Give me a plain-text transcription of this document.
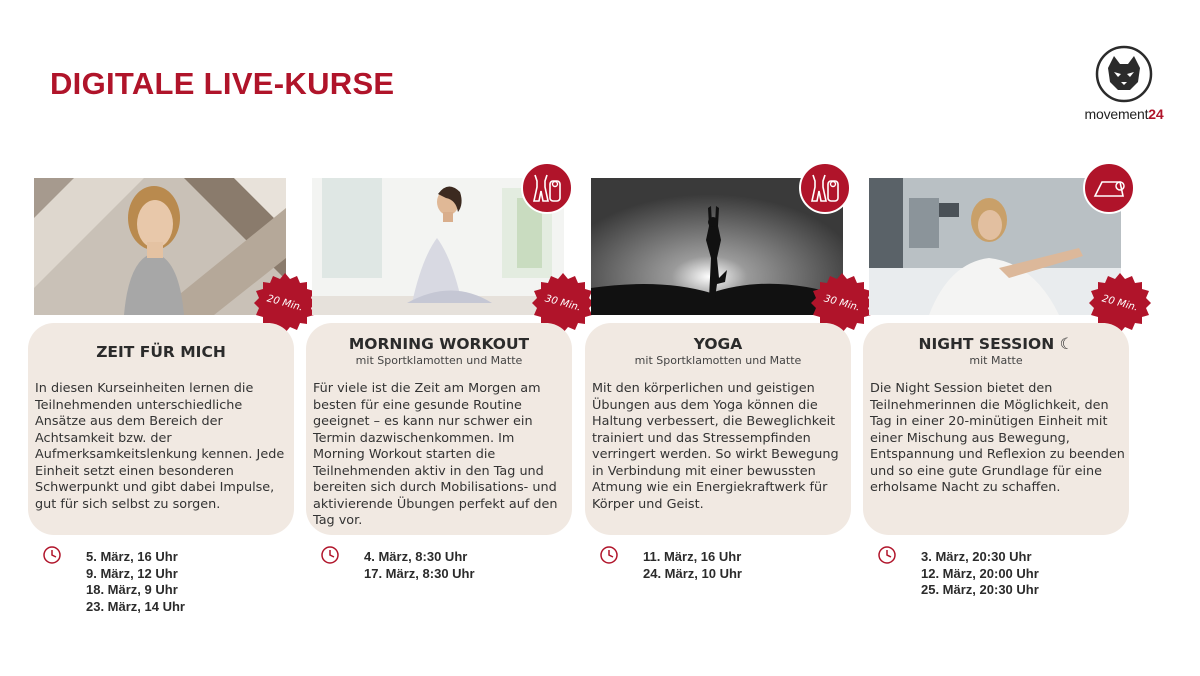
DIGITALE LIVE-KURSE
movement24
20 Min.
ZEIT FÜR MICH
In diesen Kurseinheiten lernen die Teilnehmenden unterschiedliche Ansätze aus dem Bereich der Achtsamkeit bzw. der Aufmerksamkeitslenkung kennen. Jede Einheit setzt einen besonderen Schwerpunkt und gibt dabei Impulse, gut für sich selbst zu sorgen.
5. März, 16 Uhr
9. März, 12 Uhr
18. März, 9 Uhr
23. März, 14 Uhr
30 Min.
MORNING WORKOUT
mit Sportklamotten und Matte
Für viele ist die Zeit am Morgen am besten für eine gesunde Routine geeignet – es kann nur schwer ein Termin dazwischenkommen. Im Morning Workout starten die Teilnehmenden aktiv in den Tag und bereiten sich durch Mobilisations- und aktivierende Übungen perfekt auf den Tag vor.
4. März, 8:30 Uhr
17. März, 8:30 Uhr
30 Min.
YOGA
mit Sportklamotten und Matte
Mit den körperlichen und geistigen Übungen aus dem Yoga können die Haltung verbessert, die Beweglichkeit trainiert und das Stressempfinden verringert werden. So wirkt Bewegung in Verbindung mit einer bewussten Atmung wie ein Energiekraftwerk für Körper und Geist.
11. März, 16 Uhr
24. März, 10 Uhr
20 Min.
NIGHT SESSION ☾
mit Matte
Die Night Session bietet den Teilnehmerinnen die Möglichkeit, den Tag in einer 20-minütigen Einheit mit einer Mischung aus Bewegung, Entspannung und Reflexion zu beenden und so eine gute Grundlage für eine erholsame Nacht zu schaffen.
3. März, 20:30 Uhr
12. März, 20:00 Uhr
25. März, 20:30 Uhr
